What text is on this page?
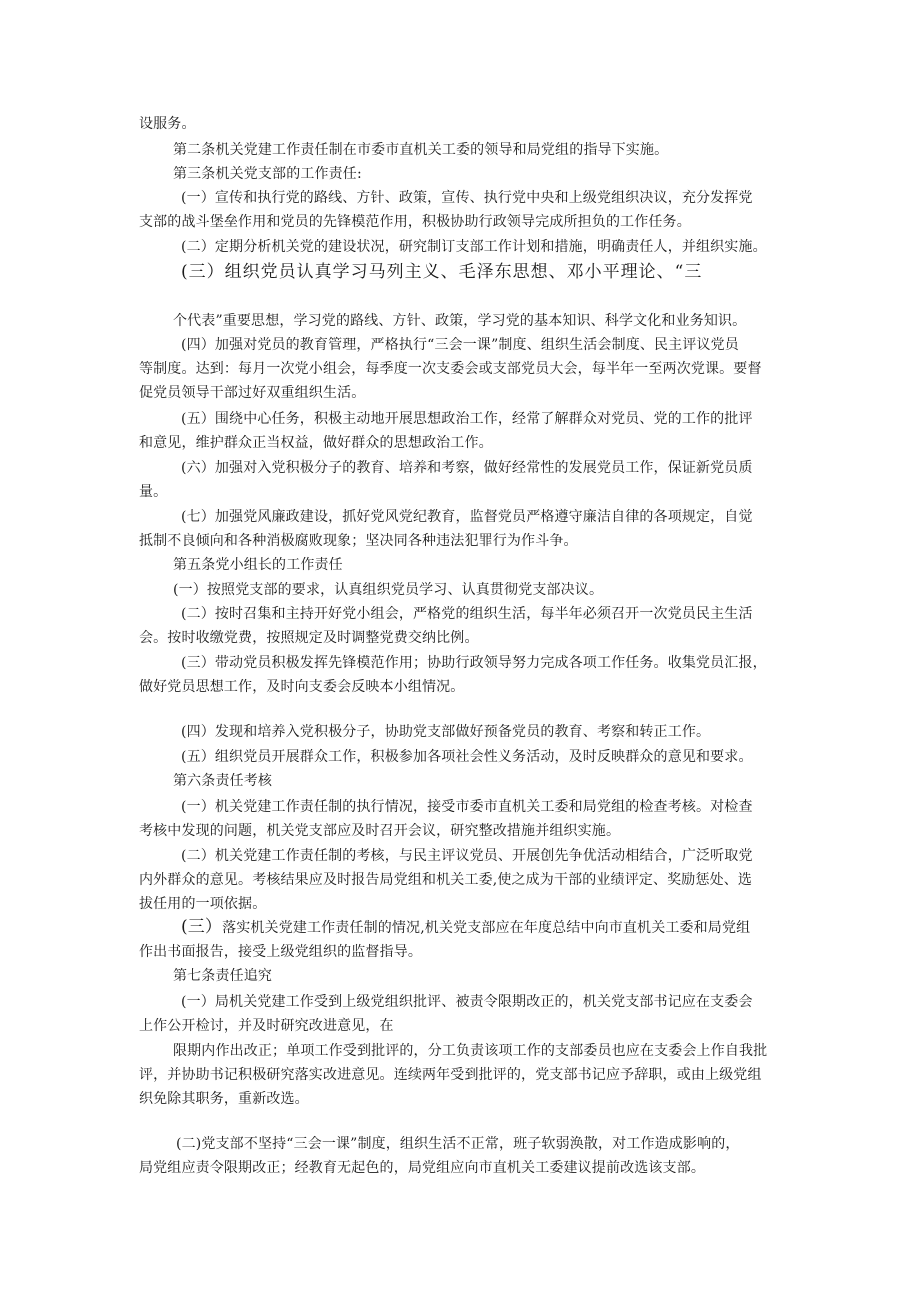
设服务。
第二条机关党建工作责任制在市委市直机关工委的领导和局党组的指导下实施。
第三条机关党支部的工作责任:
(一）宣传和执行党的路线、方针、政策，宣传、执行党中央和上级党组织决议，充分发挥党
支部的战斗堡垒作用和党员的先锋模范作用，积极协助行政领导完成所担负的工作任务。
(二）定期分析机关党的建设状况，研究制订支部工作计划和措施，明确责任人，并组织实施。
(三）组织党员认真学习马列主义、毛泽东思想、邓小平理论、“三
个代表”重要思想，学习党的路线、方针、政策，学习党的基本知识、科学文化和业务知识。
(四）加强对党员的教育管理，严格执行“三会一课”制度、组织生活会制度、民主评议党员
等制度。达到：每月一次党小组会，每季度一次支委会或支部党员大会，每半年一至两次党课。要督
促党员领导干部过好双重组织生活。
(五）围绕中心任务，积极主动地开展思想政治工作，经常了解群众对党员、党的工作的批评
和意见，维护群众正当权益，做好群众的思想政治工作。
(六）加强对入党积极分子的教育、培养和考察，做好经常性的发展党员工作，保证新党员质
量。
(七）加强党风廉政建设，抓好党风党纪教育，监督党员严格遵守廉洁自律的各项规定，自觉
抵制不良倾向和各种消极腐败现象；坚决同各种违法犯罪行为作斗争。
第五条党小组长的工作责任
(一）按照党支部的要求，认真组织党员学习、认真贯彻党支部决议。
(二）按时召集和主持开好党小组会，严格党的组织生活，每半年必须召开一次党员民主生活
会。按时收缴党费，按照规定及时调整党费交纳比例。
(三）带动党员积极发挥先锋模范作用；协助行政领导努力完成各项工作任务。收集党员汇报，
做好党员思想工作，及时向支委会反映本小组情况。
(四）发现和培养入党积极分子，协助党支部做好预备党员的教育、考察和转正工作。
(五）组织党员开展群众工作，积极参加各项社会性义务活动，及时反映群众的意见和要求。
第六条责任考核
(一）机关党建工作责任制的执行情况，接受市委市直机关工委和局党组的检查考核。对检查
考核中发现的问题，机关党支部应及时召开会议，研究整改措施并组织实施。
(二）机关党建工作责任制的考核，与民主评议党员、开展创先争优活动相结合，广泛听取党
内外群众的意见。考核结果应及时报告局党组和机关工委,使之成为干部的业绩评定、奖励惩处、选
拔任用的一项依据。
(三）落实机关党建工作责任制的情况,机关党支部应在年度总结中向市直机关工委和局党组
作出书面报告，接受上级党组织的监督指导。
第七条责任追究
(一）局机关党建工作受到上级党组织批评、被责令限期改正的，机关党支部书记应在支委会
上作公开检讨，并及时研究改进意见，在
限期内作出改正；单项工作受到批评的，分工负责该项工作的支部委员也应在支委会上作自我批
评，并协助书记积极研究落实改进意见。连续两年受到批评的，党支部书记应予辞职，或由上级党组
织免除其职务，重新改选。
(二)党支部不坚持“三会一课”制度，组织生活不正常，班子软弱涣散，对工作造成影响的，
局党组应责令限期改正；经教育无起色的，局党组应向市直机关工委建议提前改选该支部。
